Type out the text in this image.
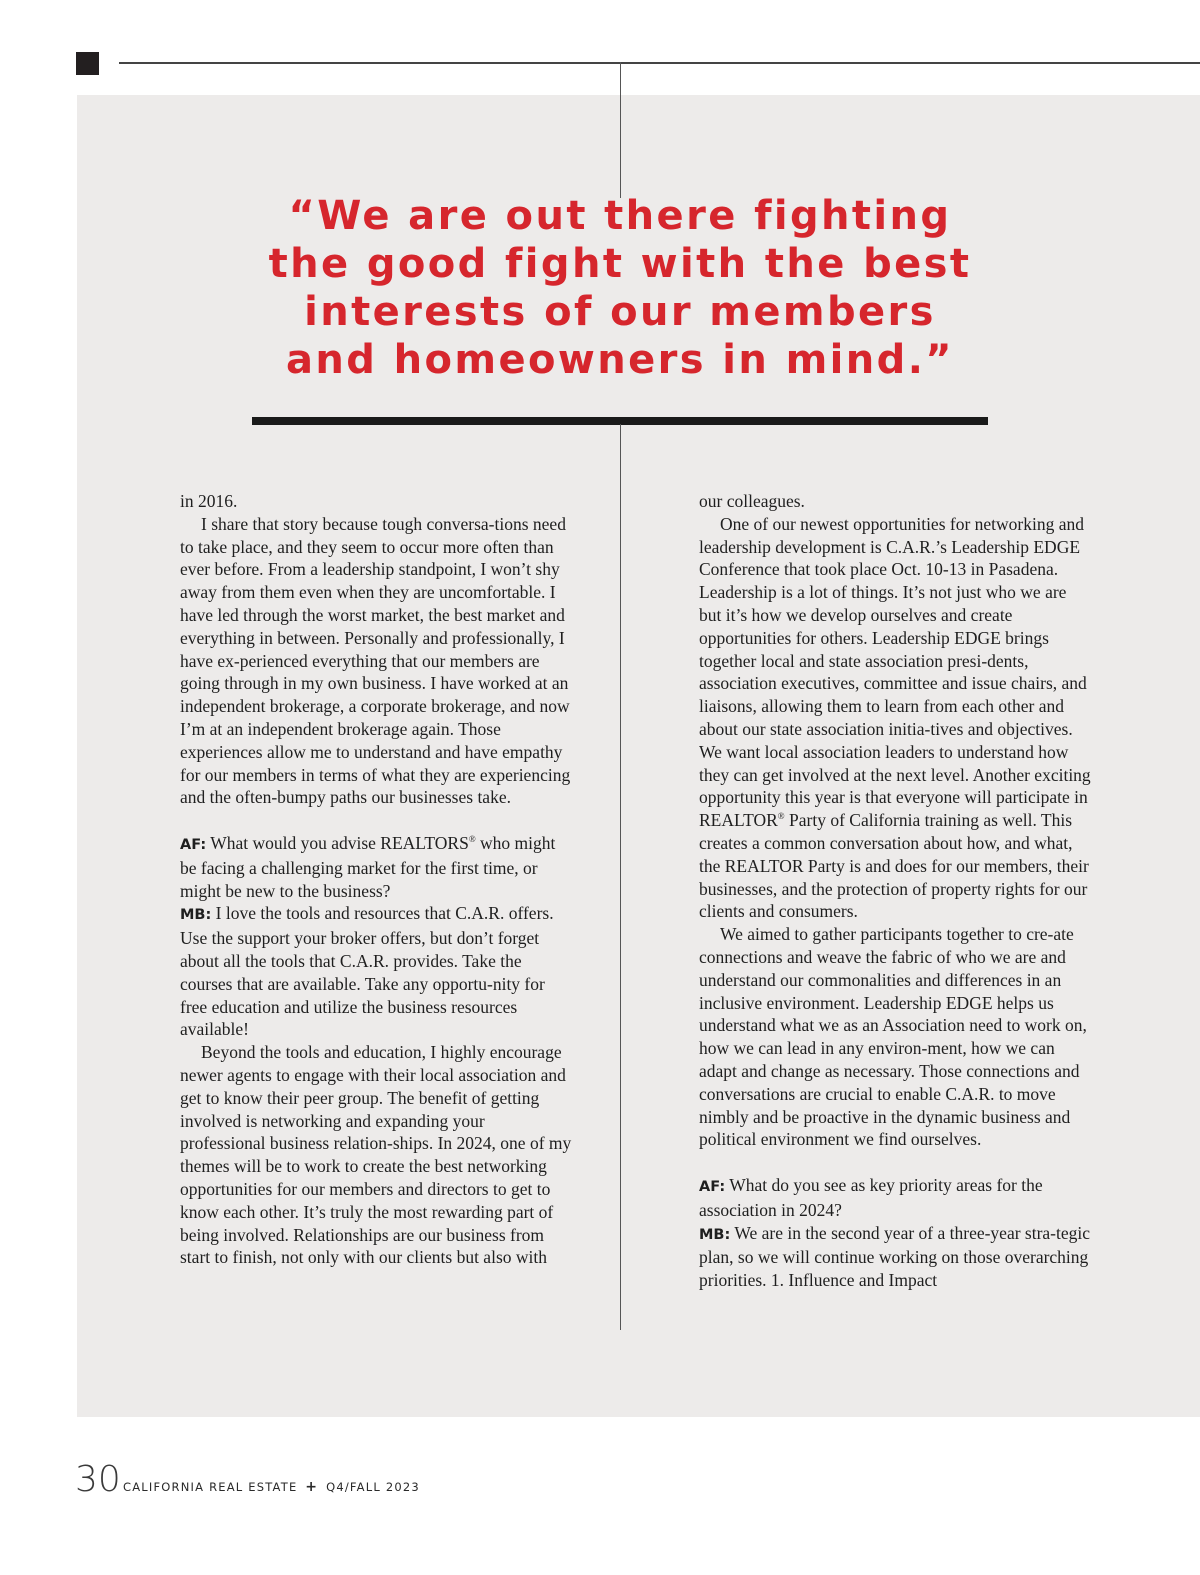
“We are out there fighting the good fight with the best interests of our members and homeowners in mind.”

in 2016.

I share that story because tough conversa-tions need to take place, and they seem to occur more often than ever before. From a leadership standpoint, I won’t shy away from them even when they are uncomfortable. I have led through the worst market, the best market and everything in between. Personally and professionally, I have ex-perienced everything that our members are going through in my own business. I have worked at an independent brokerage, a corporate brokerage, and now I’m at an independent brokerage again. Those experiences allow me to understand and have empathy for our members in terms of what they are experiencing and the often-bumpy paths our businesses take.

AF: What would you advise REALTORS® who might be facing a challenging market for the first time, or might be new to the business?

MB: I love the tools and resources that C.A.R. offers. Use the support your broker offers, but don’t forget about all the tools that C.A.R. provides. Take the courses that are available. Take any opportu-nity for free education and utilize the business resources available!

Beyond the tools and education, I highly encourage newer agents to engage with their local association and get to know their peer group. The benefit of getting involved is networking and expanding your professional business relation-ships. In 2024, one of my themes will be to work to create the best networking opportunities for our members and directors to get to know each other. It’s truly the most rewarding part of being involved. Relationships are our business from start to finish, not only with our clients but also with

our colleagues.

One of our newest opportunities for networking and leadership development is C.A.R.’s Leadership EDGE Conference that took place Oct. 10-13 in Pasadena. Leadership is a lot of things. It’s not just who we are but it’s how we develop ourselves and create opportunities for others. Leadership EDGE brings together local and state association presi-dents, association executives, committee and issue chairs, and liaisons, allowing them to learn from each other and about our state association initia-tives and objectives. We want local association leaders to understand how they can get involved at the next level. Another exciting opportunity this year is that everyone will participate in REALTOR® Party of California training as well. This creates a common conversation about how, and what, the REALTOR Party is and does for our members, their businesses, and the protection of property rights for our clients and consumers.

We aimed to gather participants together to cre-ate connections and weave the fabric of who we are and understand our commonalities and differences in an inclusive environment. Leadership EDGE helps us understand what we as an Association need to work on, how we can lead in any environ-ment, how we can adapt and change as necessary. Those connections and conversations are crucial to enable C.A.R. to move nimbly and be proactive in the dynamic business and political environment we find ourselves.

AF: What do you see as key priority areas for the association in 2024?

MB: We are in the second year of a three-year stra-tegic plan, so we will continue working on those overarching priorities. 1. Influence and Impact

30 CALIFORNIA REAL ESTATE + Q4/FALL 2023
